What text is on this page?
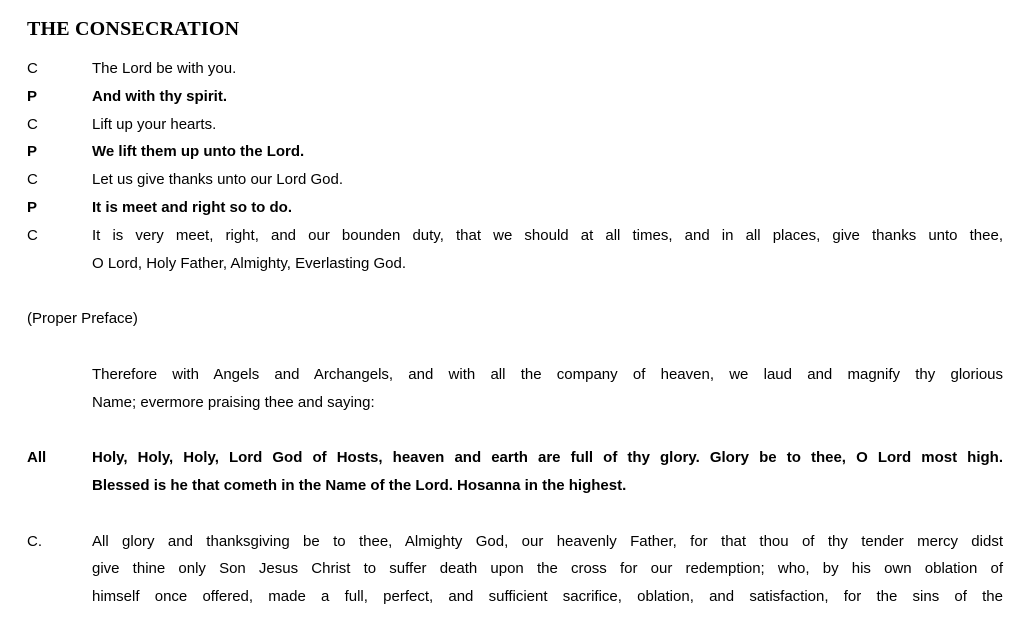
THE CONSECRATION
C	The Lord be with you.
P	And with thy spirit.
C	Lift up your hearts.
P	We lift them up unto the Lord.
C	Let us give thanks unto our Lord God.
P	It is meet and right so to do.
C	It is very meet, right, and our bounden duty, that we should at all times, and in all places, give thanks unto thee,
O Lord, Holy Father, Almighty, Everlasting God.
(Proper Preface)
Therefore with Angels and Archangels, and with all the company of heaven, we laud and magnify thy glorious
Name; evermore praising thee and saying:
All	Holy, Holy, Holy, Lord God of Hosts, heaven and earth are full of thy glory. Glory be to thee, O Lord most high.
Blessed is he that cometh in the Name of the Lord. Hosanna in the highest.
C.	All glory and thanksgiving be to thee, Almighty God, our heavenly Father, for that thou of thy tender mercy didst
give thine only Son Jesus Christ to suffer death upon the cross for our redemption; who, by his own oblation of
himself once offered, made a full, perfect, and sufficient sacrifice, oblation, and satisfaction, for the sins of the
